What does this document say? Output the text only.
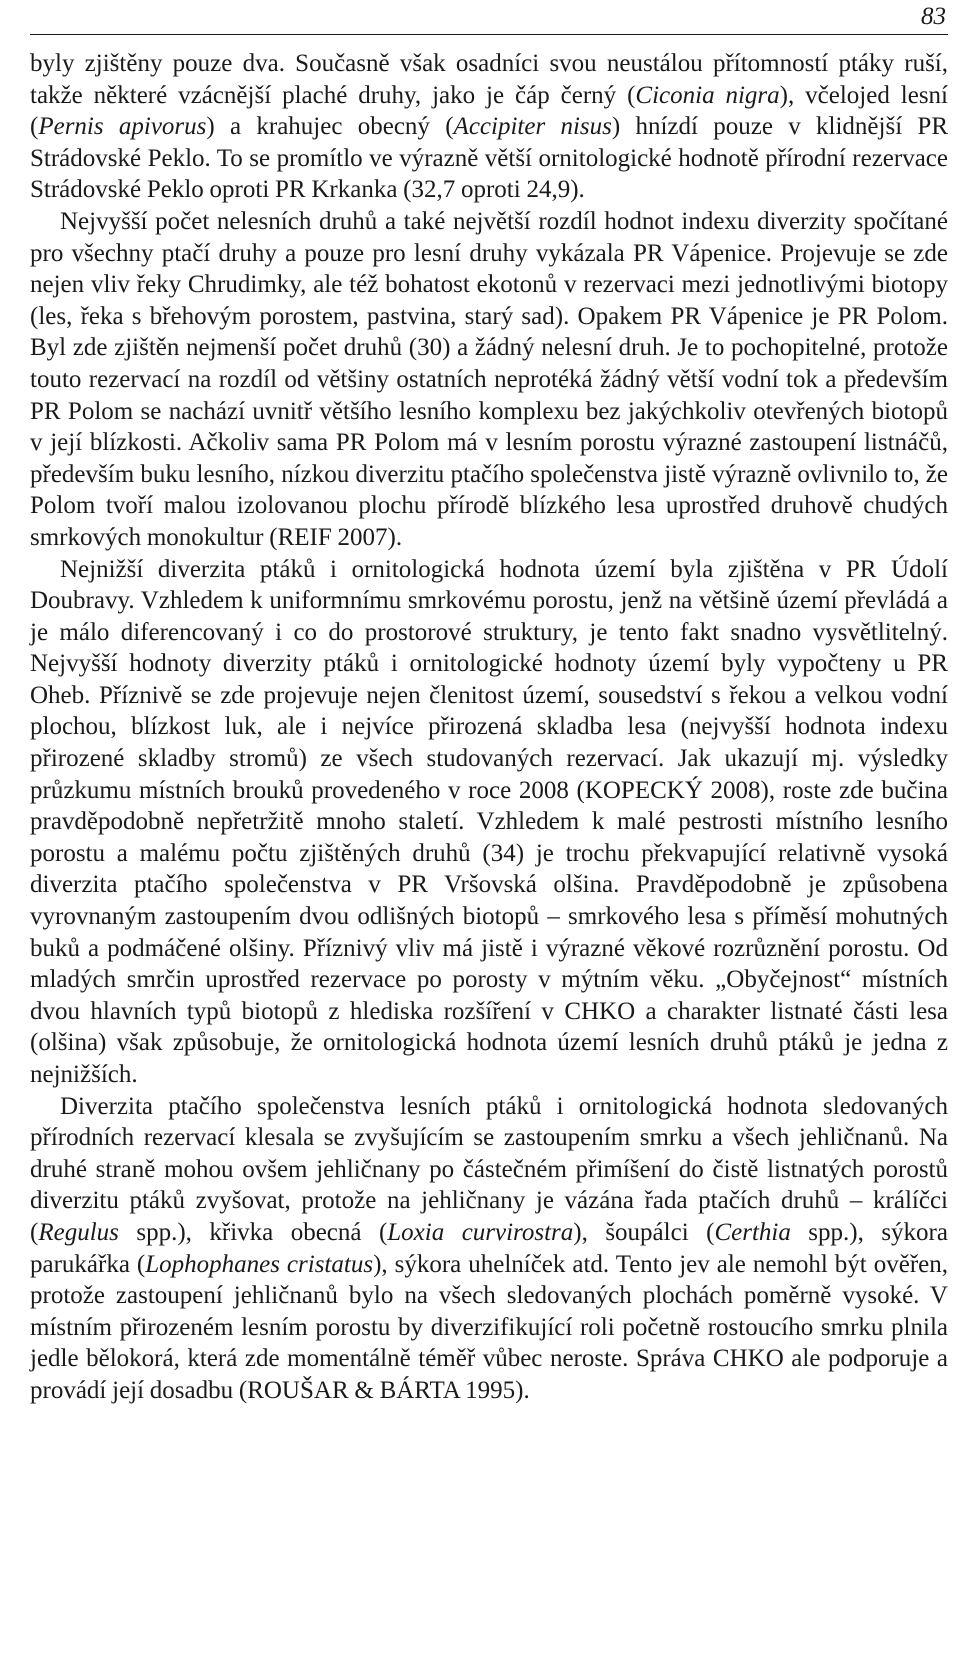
83

byly zjištěny pouze dva. Současně však osadníci svou neustálou přítomností ptáky ruší, takže některé vzácnější plaché druhy, jako je čáp černý (Ciconia nigra), včelojed lesní (Pernis apivorus) a krahujec obecný (Accipiter nisus) hnízdí pouze v klidnější PR Strádovské Peklo. To se promítlo ve výrazně větší ornitologické hodnotě přírodní rezervace Strádovské Peklo oproti PR Krkanka (32,7 oproti 24,9).

Nejvyšší počet nelesních druhů a také největší rozdíl hodnot indexu diverzity spočítané pro všechny ptačí druhy a pouze pro lesní druhy vykázala PR Vápenice. Projevuje se zde nejen vliv řeky Chrudimky, ale též bohatost ekotonů v rezervaci mezi jednotlivými biotopy (les, řeka s břehovým porostem, pastvina, starý sad). Opakem PR Vápenice je PR Polom. Byl zde zjištěn nejmenší počet druhů (30) a žádný nelesní druh. Je to pochopitelné, protože touto rezervací na rozdíl od většiny ostatních neprotéká žádný větší vodní tok a především PR Polom se nachází uvnitř většího lesního komplexu bez jakýchkoliv otevřených biotopů v její blízkosti. Ačkoliv sama PR Polom má v lesním porostu výrazné zastoupení listnáčů, především buku lesního, nízkou diverzitu ptačího společenstva jistě výrazně ovlivnilo to, že Polom tvoří malou izolovanou plochu přírodě blízkého lesa uprostřed druhově chudých smrkových monokultur (REIF 2007).

Nejnižší diverzita ptáků i ornitologická hodnota území byla zjištěna v PR Údolí Doubravy. Vzhledem k uniformnímu smrkovému porostu, jenž na většině území převládá a je málo diferencovaný i co do prostorové struktury, je tento fakt snadno vysvětlitelný. Nejvyšší hodnoty diverzity ptáků i ornitologické hodnoty území byly vypočteny u PR Oheb. Příznivě se zde projevuje nejen členitost území, sousedství s řekou a velkou vodní plochou, blízkost luk, ale i nejvíce přirozená skladba lesa (nejvyšší hodnota indexu přirozené skladby stromů) ze všech studovaných rezervací. Jak ukazují mj. výsledky průzkumu místních brouků provedeného v roce 2008 (KOPECKÝ 2008), roste zde bučina pravděpodobně nepřetržitě mnoho staletí. Vzhledem k malé pestrosti místního lesního porostu a malému počtu zjištěných druhů (34) je trochu překvapující relativně vysoká diverzita ptačího společenstva v PR Vršovská olšina. Pravděpodobně je způsobena vyrovnaným zastoupením dvou odlišných biotopů – smrkového lesa s příměsí mohutných buků a podmáčené olšiny. Příznivý vliv má jistě i výrazné věkové rozrůznění porostu. Od mladých smrčin uprostřed rezervace po porosty v mýtním věku. „Obyčejnost“ místních dvou hlavních typů biotopů z hlediska rozšíření v CHKO a charakter listnaté části lesa (olšina) však způsobuje, že ornitologická hodnota území lesních druhů ptáků je jedna z nejnižších.

Diverzita ptačího společenstva lesních ptáků i ornitologická hodnota sledovaných přírodních rezervací klesala se zvyšujícím se zastoupením smrku a všech jehličnanů. Na druhé straně mohou ovšem jehličnany po částečném přimíšení do čistě listnatých porostů diverzitu ptáků zvyšovat, protože na jehličnany je vázána řada ptačích druhů – králíčci (Regulus spp.), křivka obecná (Loxia curvirostra), šoupálci (Certhia spp.), sýkora parukářka (Lophophanes cristatus), sýkora uhelníček atd. Tento jev ale nemohl být ověřen, protože zastoupení jehličnanů bylo na všech sledovaných plochách poměrně vysoké. V místním přirozeném lesním porostu by diverzifikující roli početně rostoucího smrku plnila jedle bělokorá, která zde momentálně téměř vůbec neroste. Správa CHKO ale podporuje a provádí její dosadbu (ROUŠAR & BÁRTA 1995).
